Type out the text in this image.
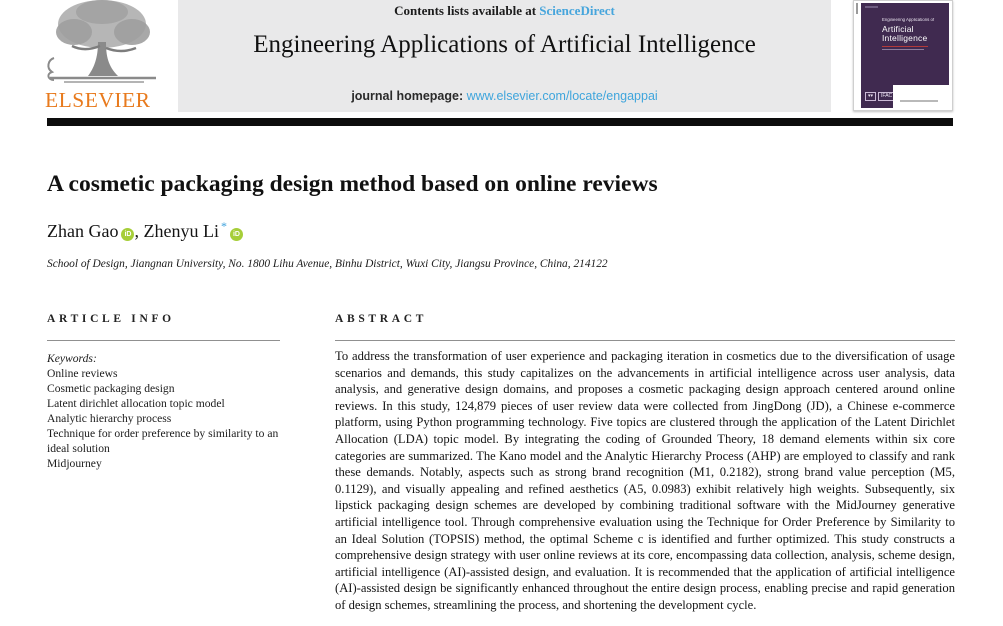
ELSEVIER
Contents lists available at ScienceDirect
Engineering Applications of Artificial Intelligence
journal homepage: www.elsevier.com/locate/engappai
Engineering Applications of
Artificial
Intelligence
▾▾	IFAC
A cosmetic packaging design method based on online reviews
Zhan Gao iD , Zhenyu Li *iD
School of Design, Jiangnan University, No. 1800 Lihu Avenue, Binhu District, Wuxi City, Jiangsu Province, China, 214122
ARTICLE INFO	ABSTRACT
Keywords:
Online reviews
Cosmetic packaging design
Latent dirichlet allocation topic model
Analytic hierarchy process
Technique for order preference by similarity to an ideal solution
Midjourney
To address the transformation of user experience and packaging iteration in cosmetics due to the diversification of usage scenarios and demands, this study capitalizes on the advancements in artificial intelligence across user analysis, data analysis, and generative design domains, and proposes a cosmetic packaging design approach centered around online reviews. In this study, 124,879 pieces of user review data were collected from JingDong (JD), a Chinese e-commerce platform, using Python programming technology. Five topics are clustered through the application of the Latent Dirichlet Allocation (LDA) topic model. By integrating the coding of Grounded Theory, 18 demand elements within six core categories are summarized. The Kano model and the Analytic Hierarchy Process (AHP) are employed to classify and rank these demands. Notably, aspects such as strong brand recognition (M1, 0.2182), strong brand value perception (M5, 0.1129), and visually appealing and refined aesthetics (A5, 0.0983) exhibit relatively high weights. Subsequently, six lipstick packaging design schemes are developed by combining traditional software with the MidJourney generative artificial intelligence tool. Through comprehensive evaluation using the Technique for Order Preference by Similarity to an Ideal Solution (TOPSIS) method, the optimal Scheme c is identified and further optimized. This study constructs a comprehensive design strategy with user online reviews at its core, encompassing data collection, analysis, scheme design, artificial intelligence (AI)-assisted design, and evaluation. It is recommended that the application of artificial intelligence (AI)-assisted design be significantly enhanced throughout the entire design process, enabling precise and rapid generation of design schemes, streamlining the process, and shortening the development cycle.
